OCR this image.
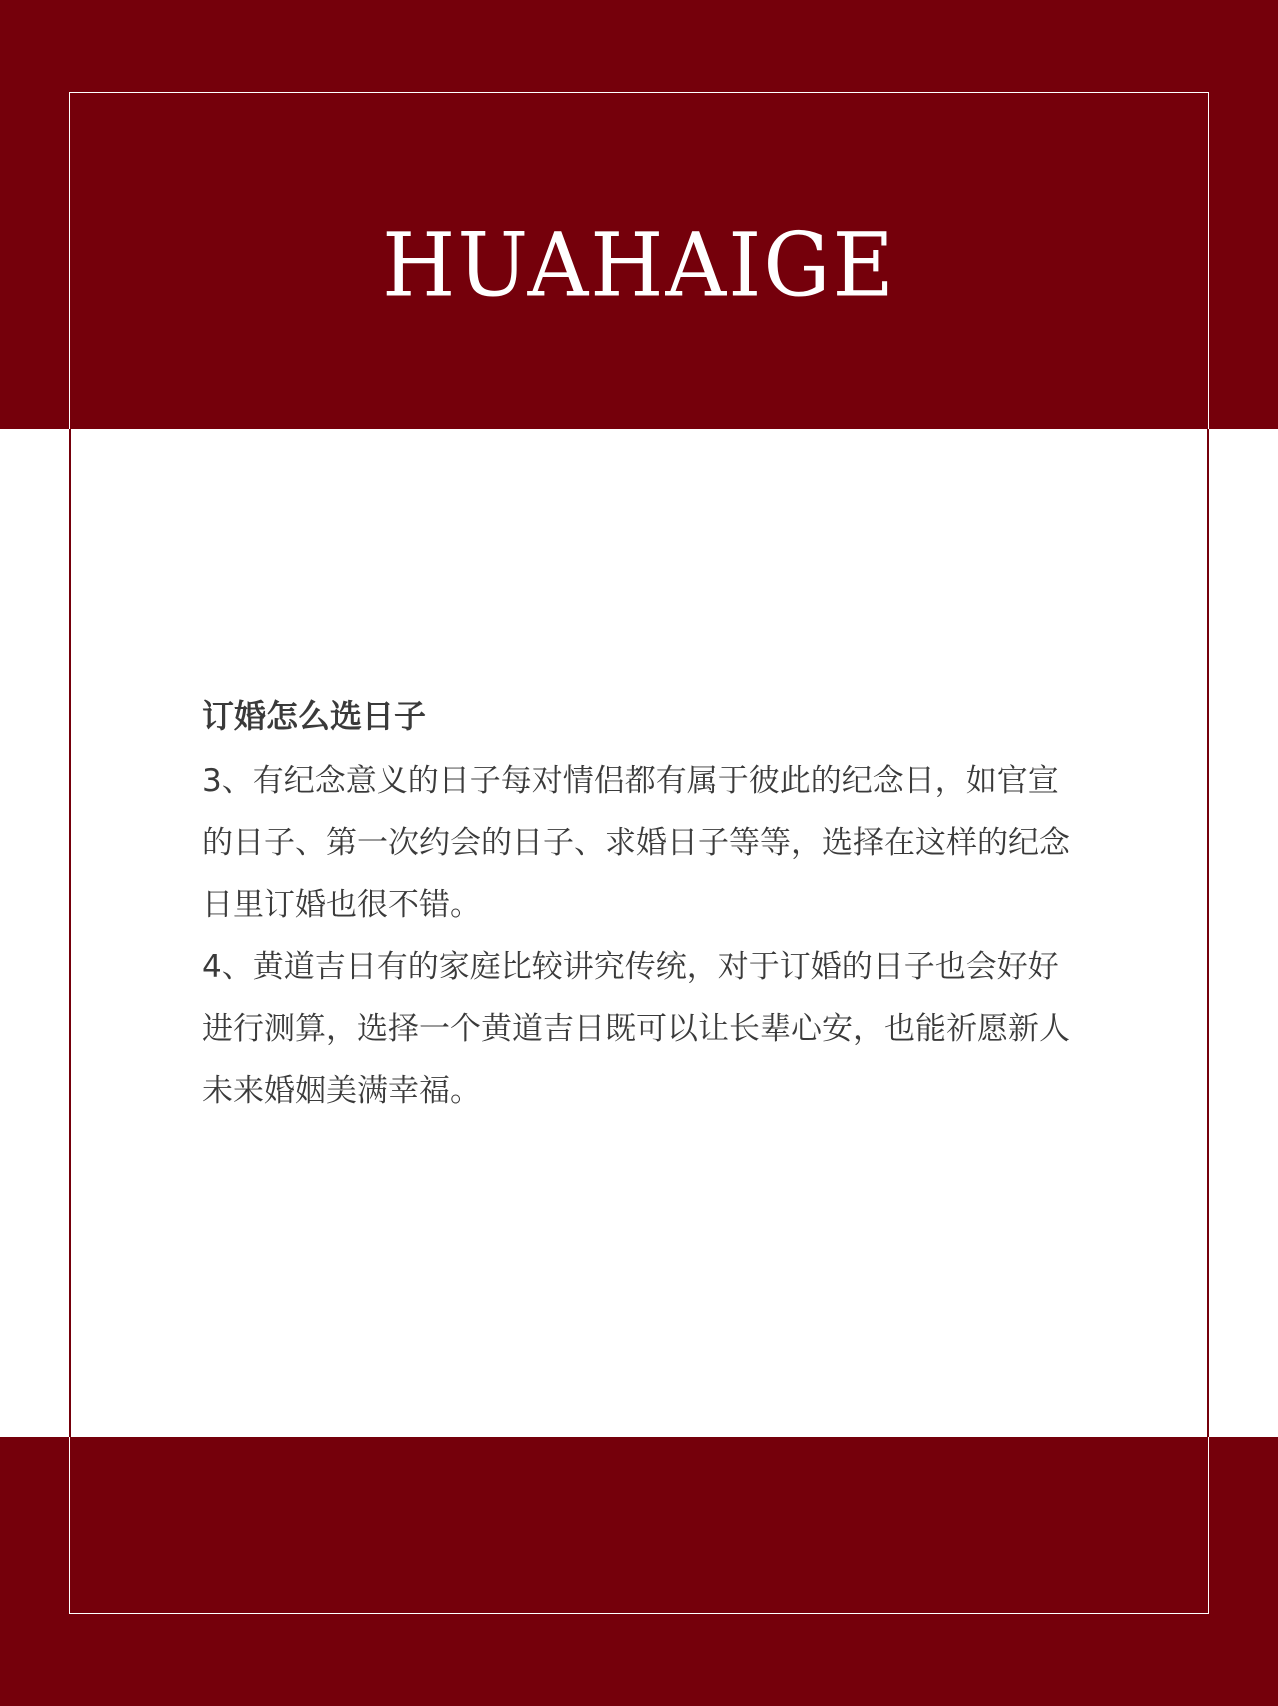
HUAHAIGE
订婚怎么选日子

3、有纪念意义的日子每对情侣都有属于彼此的纪念日，如官宣的日子、第一次约会的日子、求婚日子等等，选择在这样的纪念日里订婚也很不错。

4、黄道吉日有的家庭比较讲究传统，对于订婚的日子也会好好进行测算，选择一个黄道吉日既可以让长辈心安，也能祈愿新人未来婚姻美满幸福。
